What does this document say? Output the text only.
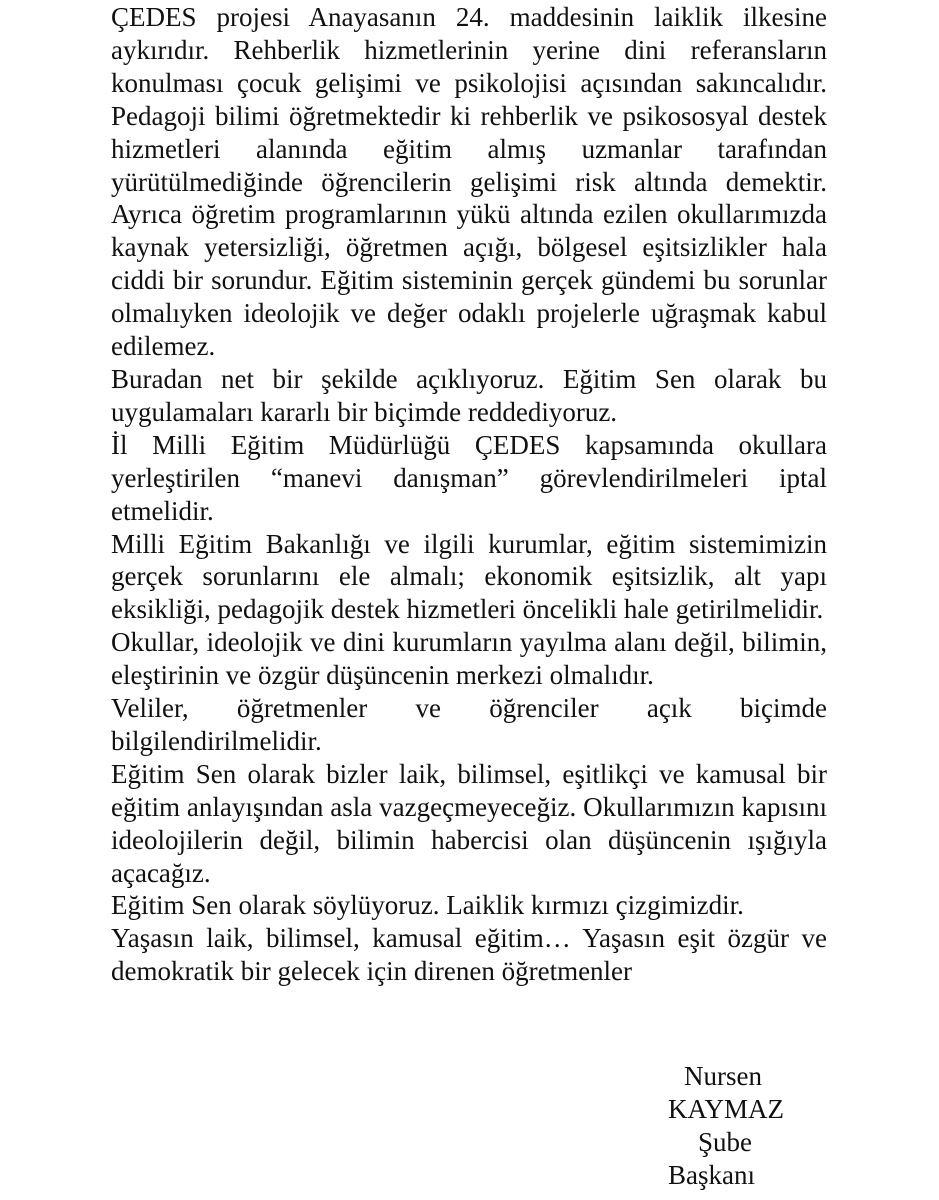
ÇEDES projesi Anayasanın 24. maddesinin laiklik ilkesine aykırıdır. Rehberlik hizmetlerinin yerine dini referansların konulması çocuk gelişimi ve psikolojisi açısından sakıncalıdır. Pedagoji bilimi öğretmektedir ki rehberlik ve psikososyal destek hizmetleri alanında eğitim almış uzmanlar tarafından yürütülmediğinde öğrencilerin gelişimi risk altında demektir. Ayrıca öğretim programlarının yükü altında ezilen okullarımızda kaynak yetersizliği, öğretmen açığı, bölgesel eşitsizlikler hala ciddi bir sorundur. Eğitim sisteminin gerçek gündemi bu sorunlar olmalıyken ideolojik ve değer odaklı projelerle uğraşmak kabul edilemez.

Buradan net bir şekilde açıklıyoruz. Eğitim Sen olarak bu uygulamaları kararlı bir biçimde reddediyoruz.

İl Milli Eğitim Müdürlüğü ÇEDES kapsamında okullara yerleştirilen “manevi danışman” görevlendirilmeleri iptal etmelidir.

Milli Eğitim Bakanlığı ve ilgili kurumlar, eğitim sistemimizin gerçek sorunlarını ele almalı; ekonomik eşitsizlik, alt yapı eksikliği, pedagojik destek hizmetleri öncelikli hale getirilmelidir.

Okullar, ideolojik ve dini kurumların yayılma alanı değil, bilimin, eleştirinin ve özgür düşüncenin merkezi olmalıdır.

Veliler, öğretmenler ve öğrenciler açık biçimde bilgilendirilmelidir.

Eğitim Sen olarak bizler laik, bilimsel, eşitlikçi ve kamusal bir eğitim anlayışından asla vazgeçmeyeceğiz. Okullarımızın kapısını ideolojilerin değil, bilimin habercisi olan düşüncenin ışığıyla açacağız.

Eğitim Sen olarak söylüyoruz. Laiklik kırmızı çizgimizdir.

Yaşasın laik, bilimsel, kamusal eğitim… Yaşasın eşit özgür ve demokratik bir gelecek için direnen öğretmenler

Nursen
KAYMAZ
Şube
Başkanı
